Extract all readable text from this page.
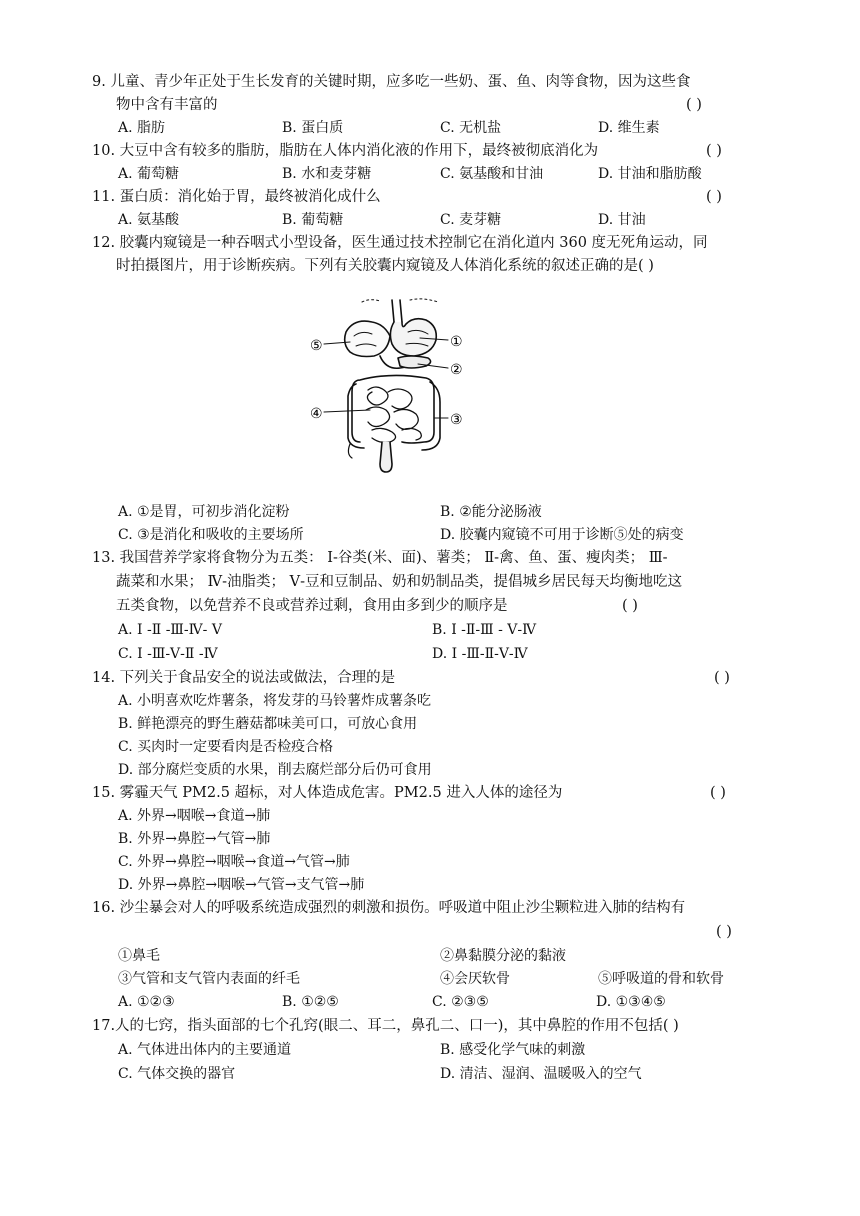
9. 儿童、青少年正处于生长发育的关键时期，应多吃一些奶、蛋、鱼、肉等食物，因为这些食
物中含有丰富的	( )
A. 脂肪	B. 蛋白质	C. 无机盐	D. 维生素
10. 大豆中含有较多的脂肪，脂肪在人体内消化液的作用下，最终被彻底消化为	( )
A. 葡萄糖	B. 水和麦芽糖	C. 氨基酸和甘油	D. 甘油和脂肪酸
11. 蛋白质：消化始于胃，最终被消化成什么	( )
A. 氨基酸	B. 葡萄糖	C. 麦芽糖	D. 甘油
12. 胶囊内窥镜是一种吞咽式小型设备，医生通过技术控制它在消化道内 360 度无死角运动，同
时拍摄图片，用于诊断疾病。下列有关胶囊内窥镜及人体消化系统的叙述正确的是( )
⑤	①
②
④	③
A. ①是胃，可初步消化淀粉	B. ②能分泌肠液
C. ③是消化和吸收的主要场所	D. 胶囊内窥镜不可用于诊断⑤处的病变
13. 我国营养学家将食物分为五类： Ⅰ-谷类(米、面)、薯类； Ⅱ-禽、鱼、蛋、瘦肉类； Ⅲ-
蔬菜和水果； Ⅳ-油脂类； Ⅴ-豆和豆制品、奶和奶制品类，提倡城乡居民每天均衡地吃这
五类食物，以免营养不良或营养过剩，食用由多到少的顺序是	( )
A. Ⅰ -Ⅱ -Ⅲ-Ⅳ- Ⅴ	B. Ⅰ -Ⅱ-Ⅲ - Ⅴ-Ⅳ
C. Ⅰ -Ⅲ-Ⅴ-Ⅱ -Ⅳ	D. Ⅰ -Ⅲ-Ⅱ-Ⅴ-Ⅳ
14. 下列关于食品安全的说法或做法，合理的是	( )
A. 小明喜欢吃炸薯条，将发芽的马铃薯炸成薯条吃
B. 鲜艳漂亮的野生蘑菇都味美可口，可放心食用
C. 买肉时一定要看肉是否检疫合格
D. 部分腐烂变质的水果，削去腐烂部分后仍可食用
15. 雾霾天气 PM2.5 超标，对人体造成危害。PM2.5 进入人体的途径为	( )
A. 外界→咽喉→食道→肺
B. 外界→鼻腔→气管→肺
C. 外界→鼻腔→咽喉→食道→气管→肺
D. 外界→鼻腔→咽喉→气管→支气管→肺
16. 沙尘暴会对人的呼吸系统造成强烈的刺激和损伤。呼吸道中阻止沙尘颗粒进入肺的结构有
( )
①鼻毛	②鼻黏膜分泌的黏液
③气管和支气管内表面的纤毛	④会厌软骨	⑤呼吸道的骨和软骨
A. ①②③	B. ①②⑤	C. ②③⑤	D. ①③④⑤
17.人的七窍，指头面部的七个孔窍(眼二、耳二，鼻孔二、口一)，其中鼻腔的作用不包括( )
A. 气体进出体内的主要通道	B. 感受化学气味的刺激
C. 气体交换的器官	D. 清洁、湿润、温暖吸入的空气
